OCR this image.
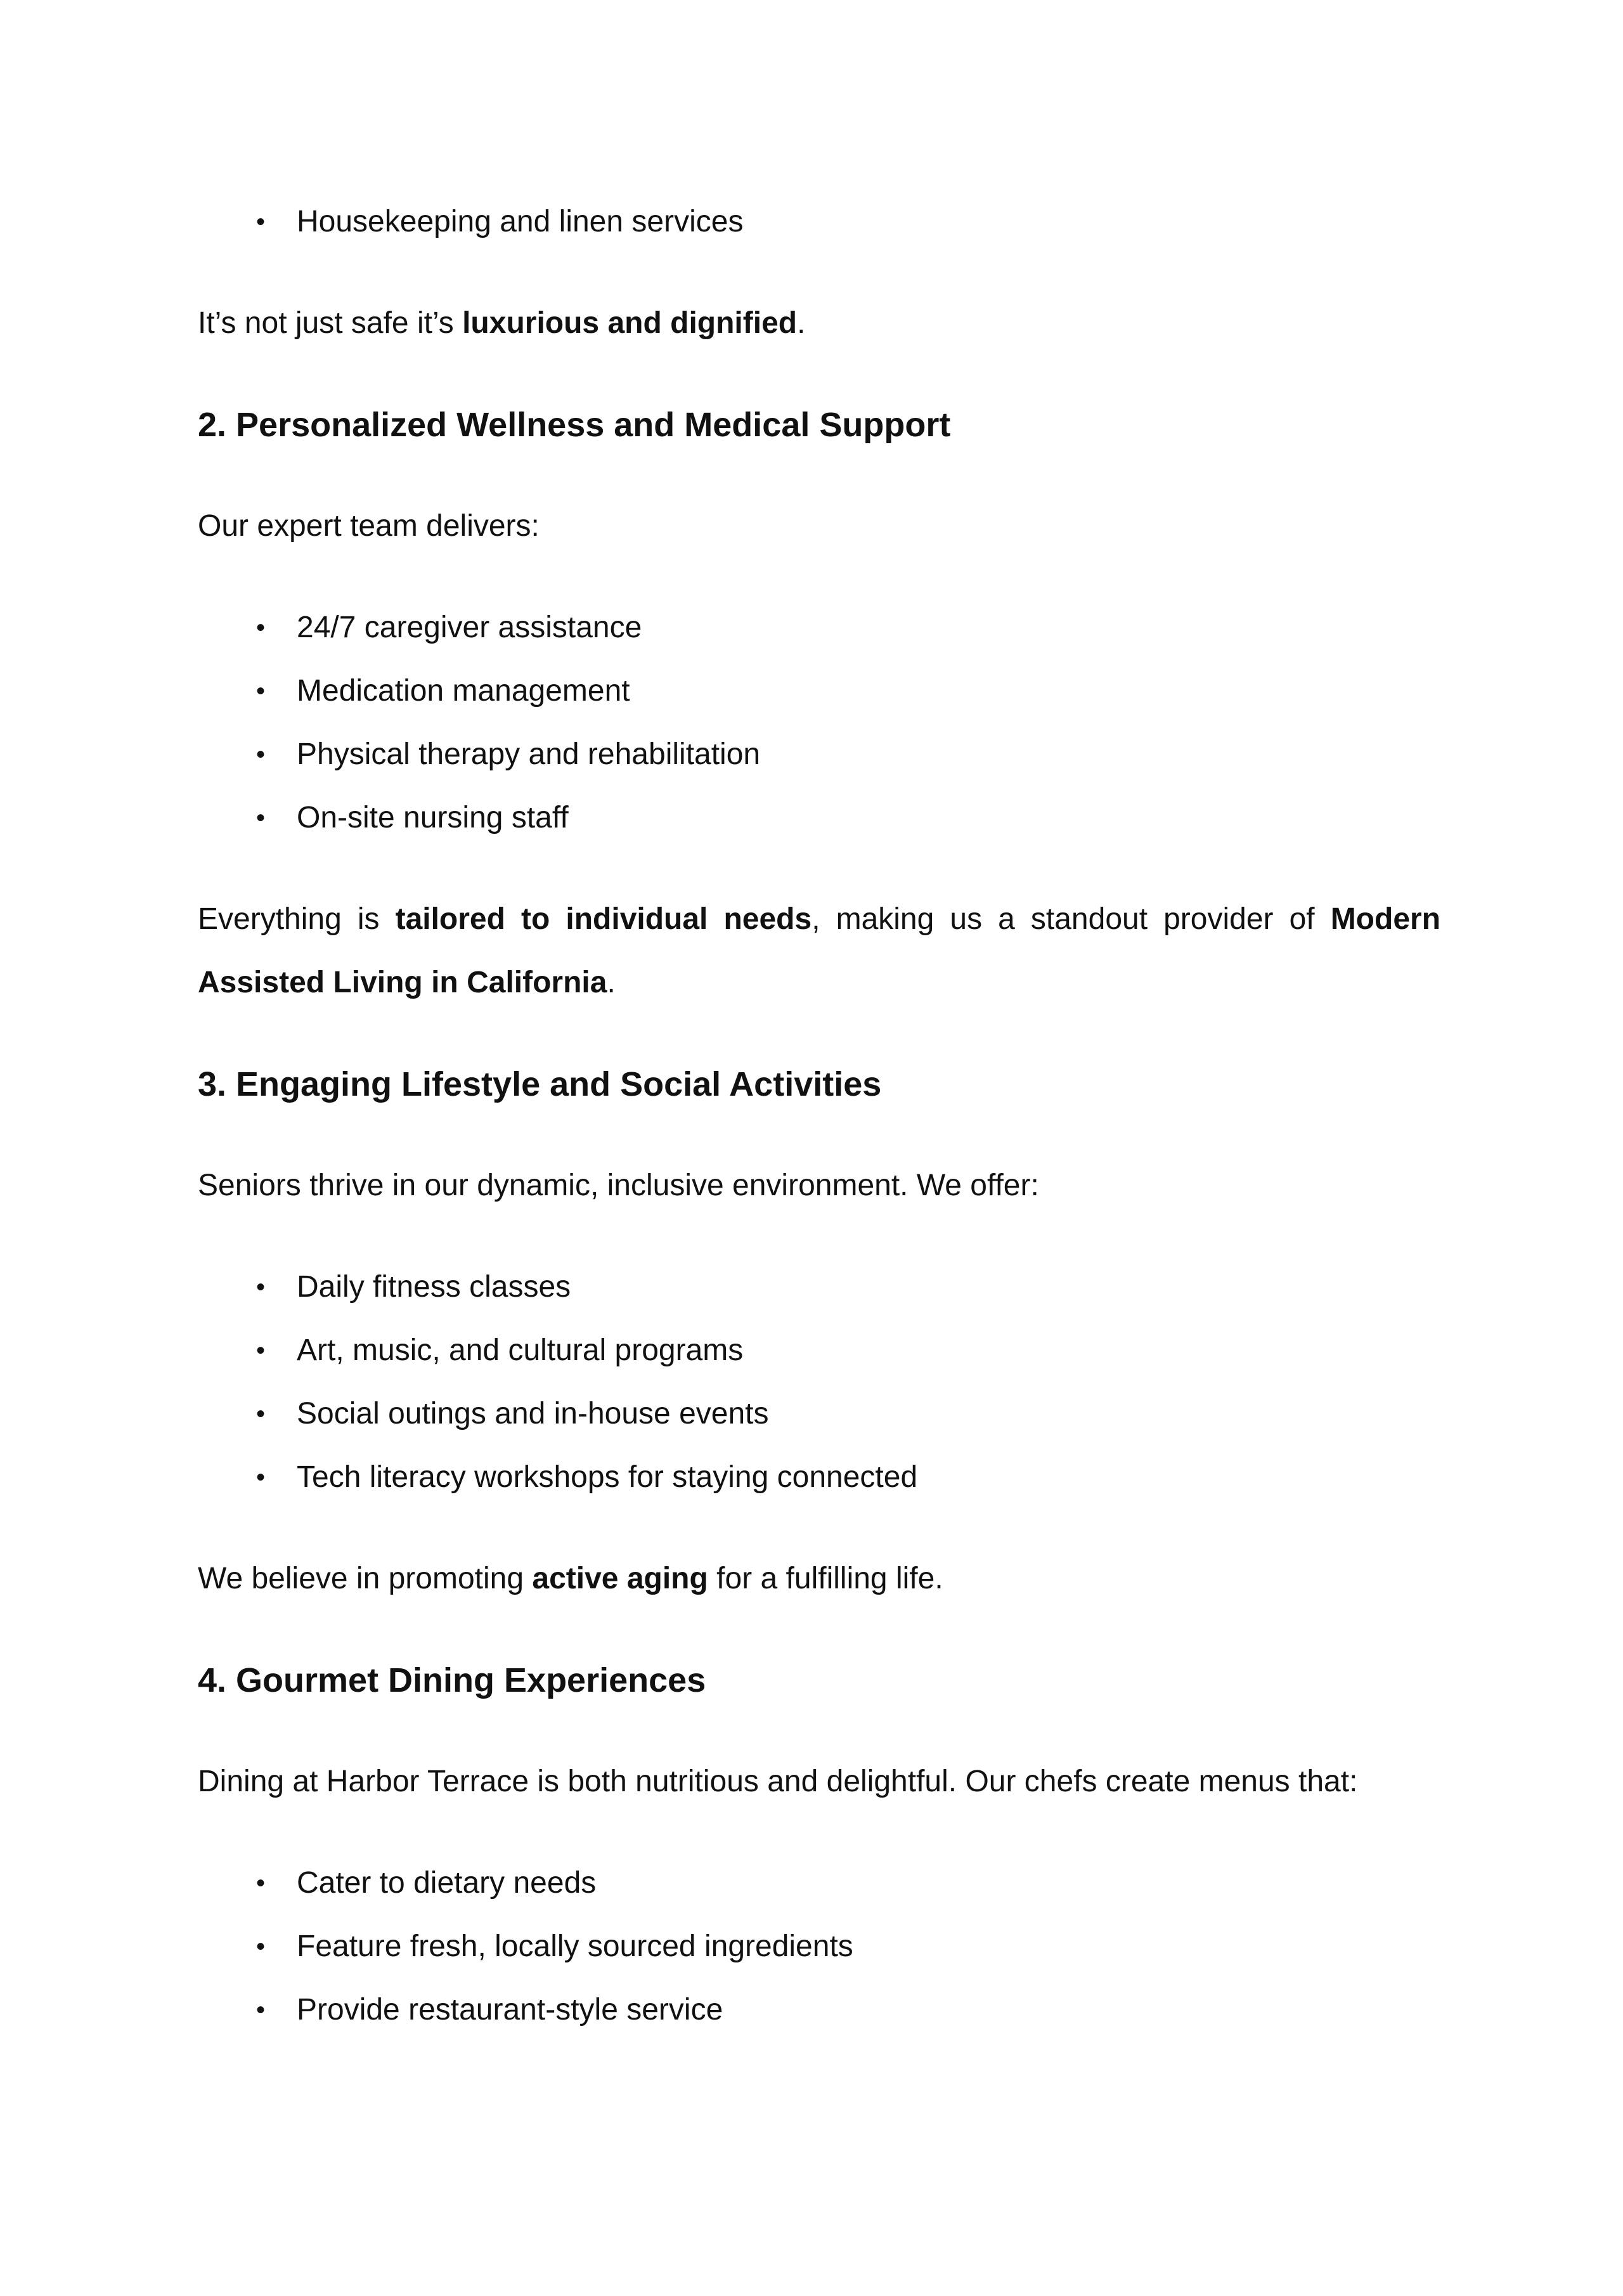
• Housekeeping and linen services

It’s not just safe it’s luxurious and dignified.

2. Personalized Wellness and Medical Support

Our expert team delivers:

• 24/7 caregiver assistance
• Medication management
• Physical therapy and rehabilitation
• On-site nursing staff

Everything is tailored to individual needs, making us a standout provider of Modern Assisted Living in California.

3. Engaging Lifestyle and Social Activities

Seniors thrive in our dynamic, inclusive environment. We offer:

• Daily fitness classes
• Art, music, and cultural programs
• Social outings and in-house events
• Tech literacy workshops for staying connected

We believe in promoting active aging for a fulfilling life.

4. Gourmet Dining Experiences

Dining at Harbor Terrace is both nutritious and delightful. Our chefs create menus that:

• Cater to dietary needs
• Feature fresh, locally sourced ingredients
• Provide restaurant-style service
